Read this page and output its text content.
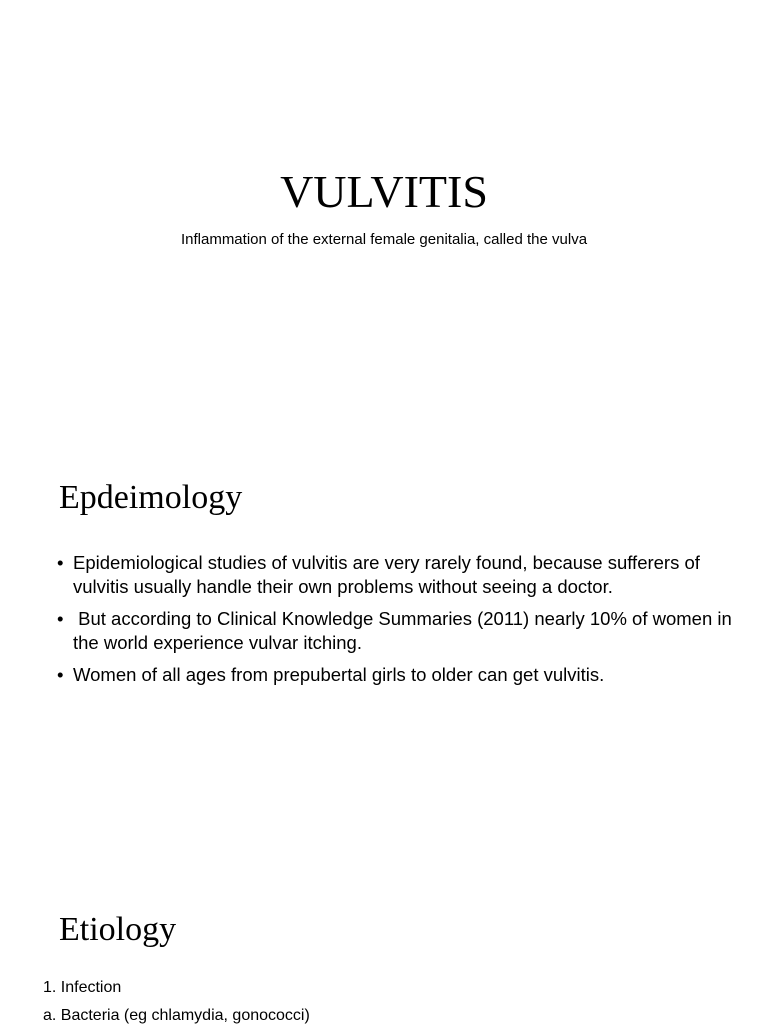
VULVITIS

Inflammation of the external female genitalia, called the vulva

Epdeimology
• Epidemiological studies of vulvitis are very rarely found, because sufferers of vulvitis usually handle their own problems without seeing a doctor.
• But according to Clinical Knowledge Summaries (2011) nearly 10% of women in the world experience vulvar itching.
• Women of all ages from prepubertal girls to older can get vulvitis.
Etiology
1. Infection
a. Bacteria (eg chlamydia, gonococci)
